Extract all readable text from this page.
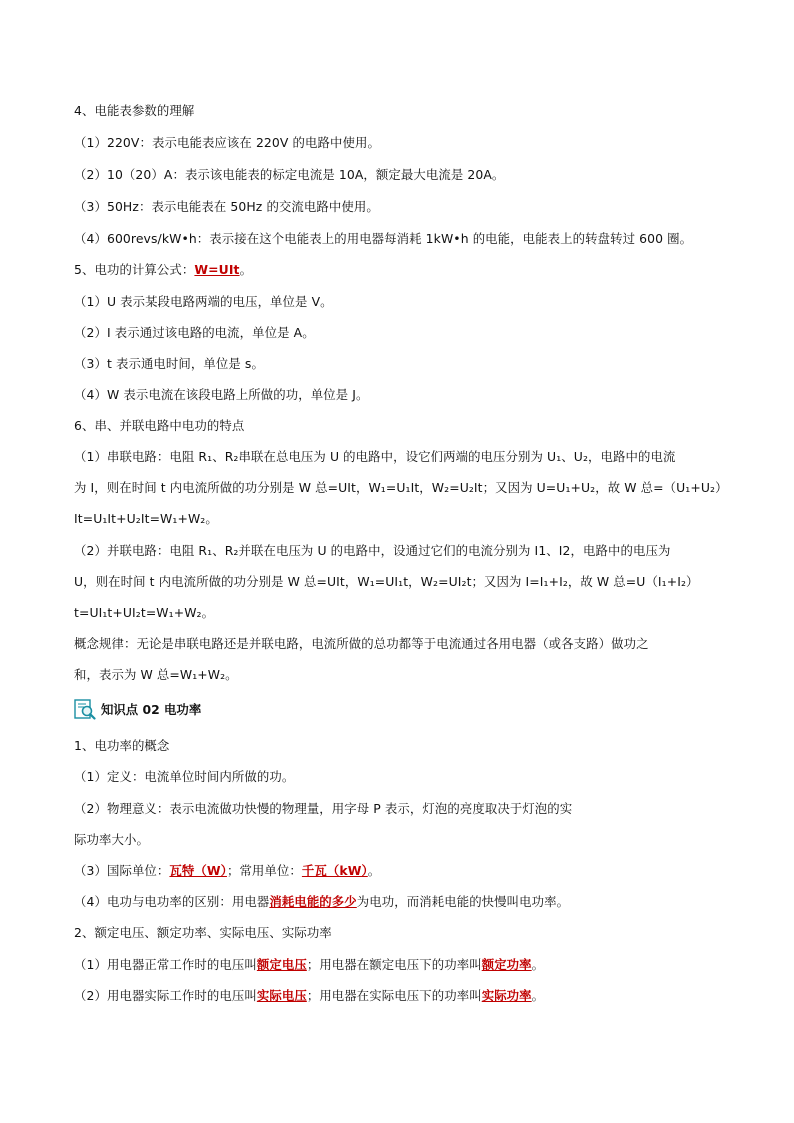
4、电能表参数的理解
（1）220V：表示电能表应该在 220V 的电路中使用。
（2）10（20）A：表示该电能表的标定电流是 10A，额定最大电流是 20A。
（3）50Hz：表示电能表在 50Hz 的交流电路中使用。
（4）600revs/kW•h：表示接在这个电能表上的用电器每消耗 1kW•h 的电能，电能表上的转盘转过 600 圈。
5、电功的计算公式：W=UIt。
（1）U 表示某段电路两端的电压，单位是 V。
（2）I 表示通过该电路的电流，单位是 A。
（3）t 表示通电时间，单位是 s。
（4）W 表示电流在该段电路上所做的功，单位是 J。
6、串、并联电路中电功的特点
（1）串联电路：电阻 R₁、R₂串联在总电压为 U 的电路中，设它们两端的电压分别为 U₁、U₂，电路中的电流
为 I，则在时间 t 内电流所做的功分别是 W 总=UIt，W₁=U₁It，W₂=U₂It；又因为 U=U₁+U₂，故 W 总=（U₁+U₂）
It=U₁It+U₂It=W₁+W₂。
（2）并联电路：电阻 R₁、R₂并联在电压为 U 的电路中，设通过它们的电流分别为 I1、I2，电路中的电压为
U，则在时间 t 内电流所做的功分别是 W 总=UIt，W₁=UI₁t，W₂=UI₂t；又因为 I=I₁+I₂，故 W 总=U（I₁+I₂）
t=UI₁t+UI₂t=W₁+W₂。
概念规律：无论是串联电路还是并联电路，电流所做的总功都等于电流通过各用电器（或各支路）做功之
和，表示为 W 总=W₁+W₂。
知识点 02 电功率
1、电功率的概念
（1）定义：电流单位时间内所做的功。
（2）物理意义：表示电流做功快慢的物理量，用字母 P 表示，灯泡的亮度取决于灯泡的实
际功率大小。
（3）国际单位：瓦特（W）；常用单位：千瓦（kW）。
（4）电功与电功率的区别：用电器消耗电能的多少为电功，而消耗电能的快慢叫电功率。
2、额定电压、额定功率、实际电压、实际功率
（1）用电器正常工作时的电压叫额定电压；用电器在额定电压下的功率叫额定功率。
（2）用电器实际工作时的电压叫实际电压；用电器在实际电压下的功率叫实际功率。
